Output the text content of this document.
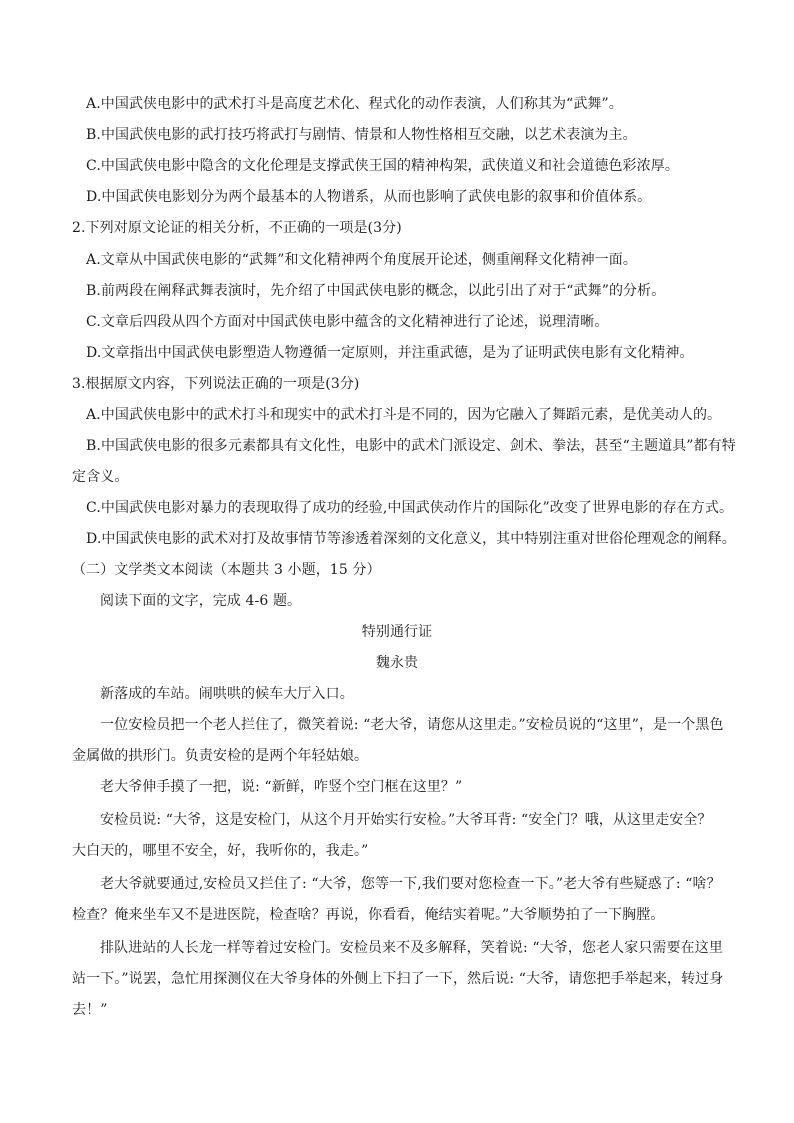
A.中国武侠电影中的武术打斗是高度艺术化、程式化的动作表演，人们称其为“武舞”。
B.中国武侠电影的武打技巧将武打与剧情、情景和人物性格相互交融，以艺术表演为主。
C.中国武侠电影中隐含的文化伦理是支撑武侠王国的精神构架，武侠道义和社会道德色彩浓厚。
D.中国武侠电影划分为两个最基本的人物谱系，从而也影响了武侠电影的叙事和价值体系。
2.下列对原文论证的相关分析，不正确的一项是(3分)
A.文章从中国武侠电影的“武舞”和文化精神两个角度展开论述，侧重阐释文化精神一面。
B.前两段在阐释武舞表演时，先介绍了中国武侠电影的概念，以此引出了对于“武舞”的分析。
C.文章后四段从四个方面对中国武侠电影中蕴含的文化精神进行了论述，说理清晰。
D.文章指出中国武侠电影塑造人物遵循一定原则，并注重武德，是为了证明武侠电影有文化精神。
3.根据原文内容，下列说法正确的一项是(3分)
A.中国武侠电影中的武术打斗和现实中的武术打斗是不同的，因为它融入了舞蹈元素，是优美动人的。
B.中国武侠电影的很多元素都具有文化性，电影中的武术门派设定、剑术、拳法，甚至“主题道具”都有特
定含义。
C.中国武侠电影对暴力的表现取得了成功的经验,中国武侠动作片的国际化”改变了世界电影的存在方式。
D.中国武侠电影的武术对打及故事情节等渗透着深刻的文化意义，其中特别注重对世俗伦理观念的阐释。
（二）文学类文本阅读（本题共 3 小题，15 分）
阅读下面的文字，完成 4-6 题。
特别通行证
魏永贵
新落成的车站。闹哄哄的候车大厅入口。
一位安检员把一个老人拦住了，微笑着说: “老大爷，请您从这里走。”安检员说的“这里”，是一个黑色
金属做的拱形门。负责安检的是两个年轻姑娘。
老大爷伸手摸了一把，说: “新鲜，咋竖个空门框在这里？”
安检员说: “大爷，这是安检门，从这个月开始实行安检。”大爷耳背: “安全门？哦，从这里走安全？
大白天的，哪里不安全，好，我听你的，我走。”
老大爷就要通过,安检员又拦住了: “大爷，您等一下,我们要对您检查一下。”老大爷有些疑惑了: “啥？
检查？俺来坐车又不是进医院，检查啥？再说，你看看，俺结实着呢。”大爷顺势拍了一下胸膛。
排队进站的人长龙一样等着过安检门。安检员来不及多解释，笑着说: “大爷，您老人家只需要在这里
站一下。”说罢，急忙用探测仪在大爷身体的外侧上下扫了一下，然后说: “大爷，请您把手举起来，转过身
去！”
